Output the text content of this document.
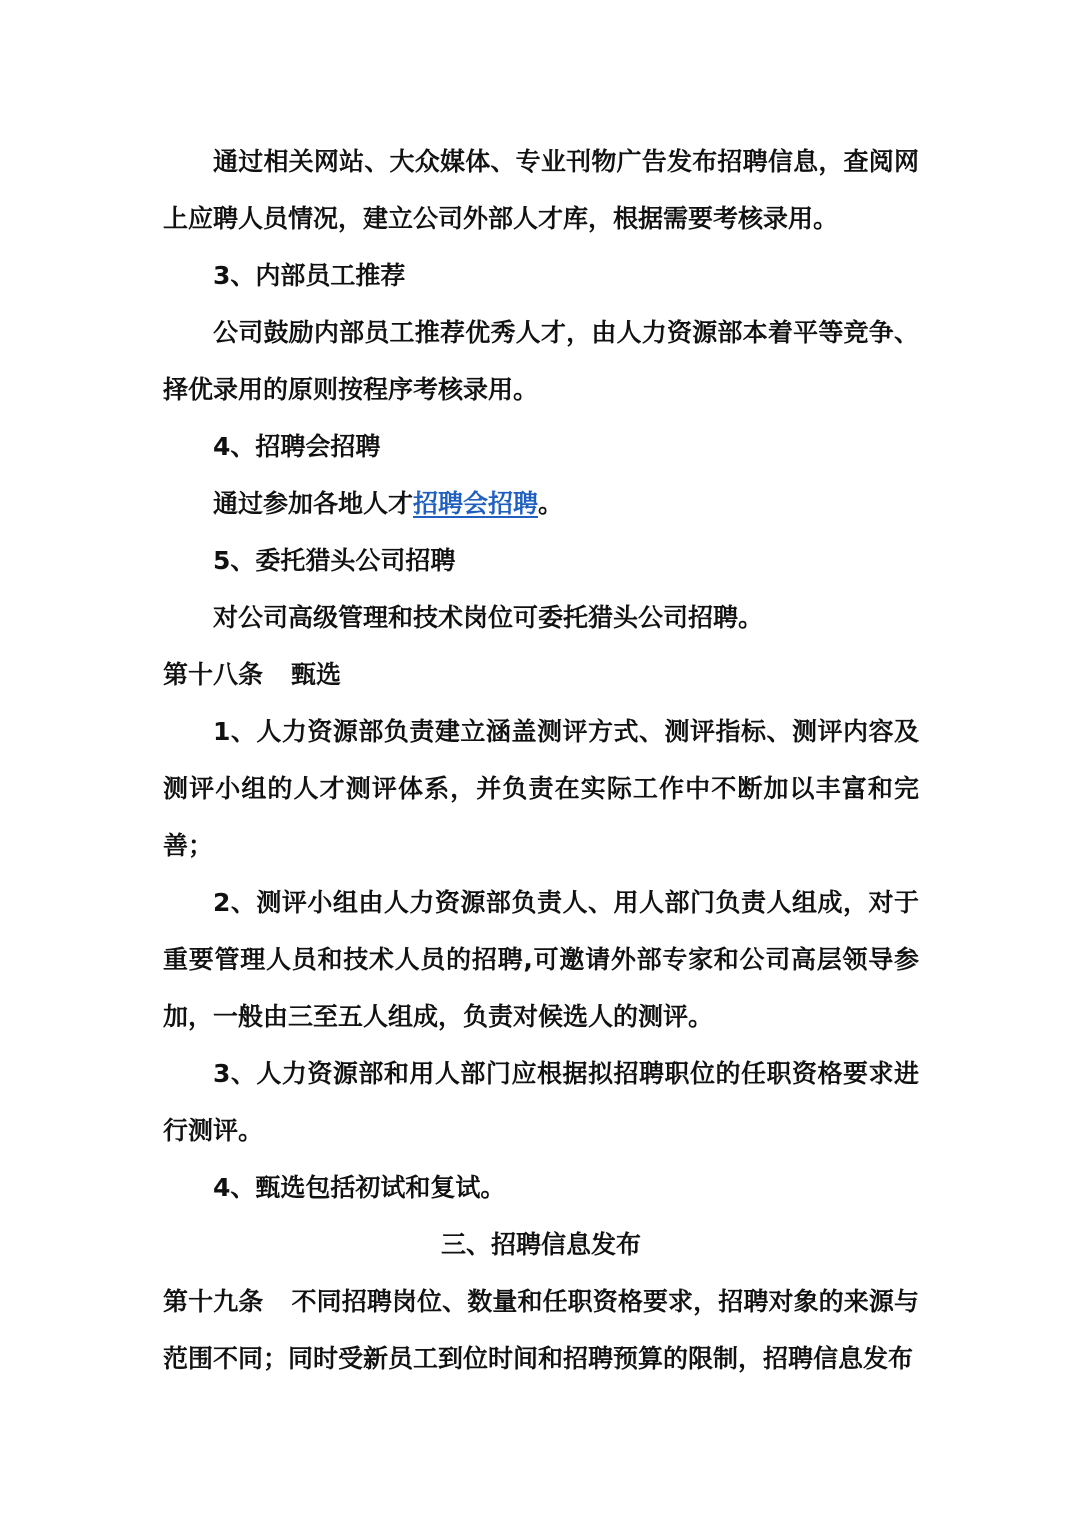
通过相关网站、大众媒体、专业刊物广告发布招聘信息，查阅网上应聘人员情况，建立公司外部人才库，根据需要考核录用。

3、内部员工推荐

公司鼓励内部员工推荐优秀人才，由人力资源部本着平等竞争、择优录用的原则按程序考核录用。

4、招聘会招聘

通过参加各地人才招聘会招聘。

5、委托猎头公司招聘

对公司高级管理和技术岗位可委托猎头公司招聘。

第十八条 甄选

1、人力资源部负责建立涵盖测评方式、测评指标、测评内容及测评小组的人才测评体系，并负责在实际工作中不断加以丰富和完善；

2、测评小组由人力资源部负责人、用人部门负责人组成，对于重要管理人员和技术人员的招聘,可邀请外部专家和公司高层领导参加，一般由三至五人组成，负责对候选人的测评。

3、人力资源部和用人部门应根据拟招聘职位的任职资格要求进行测评。

4、甄选包括初试和复试。

三、招聘信息发布

第十九条 不同招聘岗位、数量和任职资格要求，招聘对象的来源与范围不同；同时受新员工到位时间和招聘预算的限制，招聘信息发布
